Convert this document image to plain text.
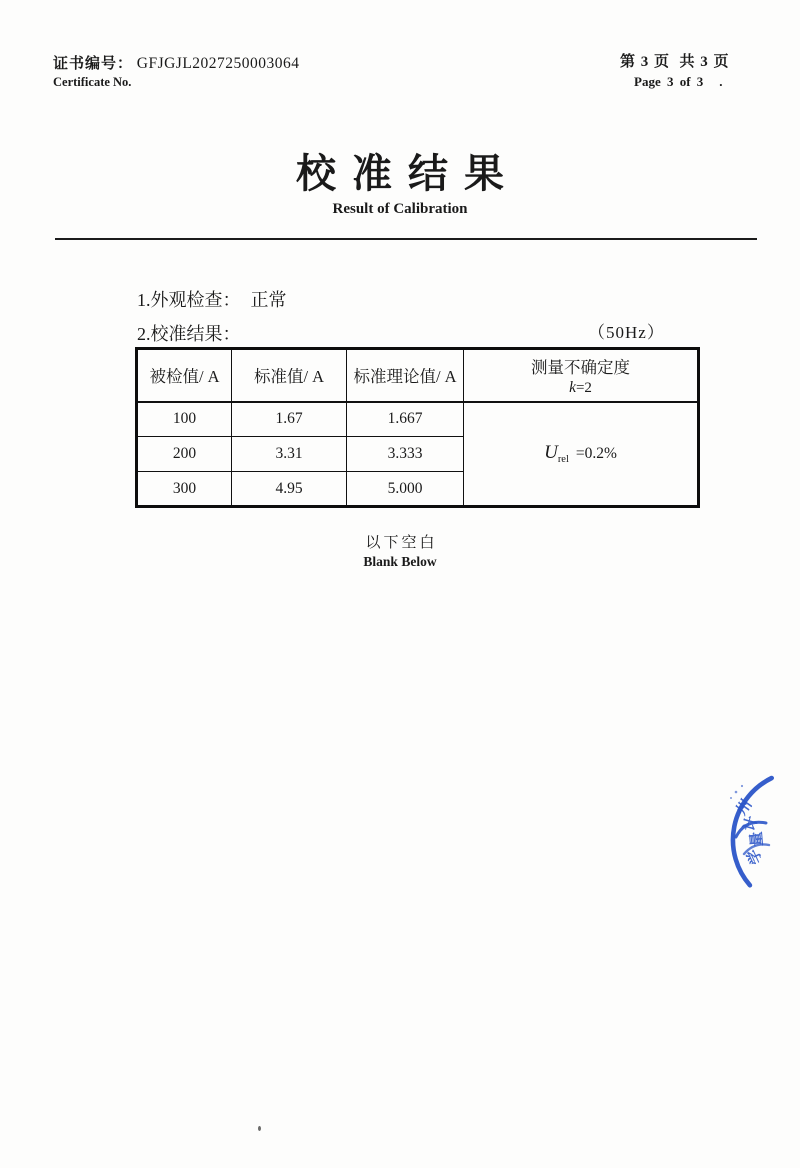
证书编号： GFJGJL2027250003064
Certificate No.
第 3 页  共 3 页
Page 3 of 3 .
校准结果
Result of Calibration
1.外观检查： 正常
2.校准结果：	（50Hz）
被检值/ A	标准值/ A	标准理论值/ A	测量不确定度
k=2

100	1.67	1.667	$U_{rel} =0.2\%$
200	3.31	3.333	
300	4.95	5.000	
以下空白
Blank Below
州
计
量
学
